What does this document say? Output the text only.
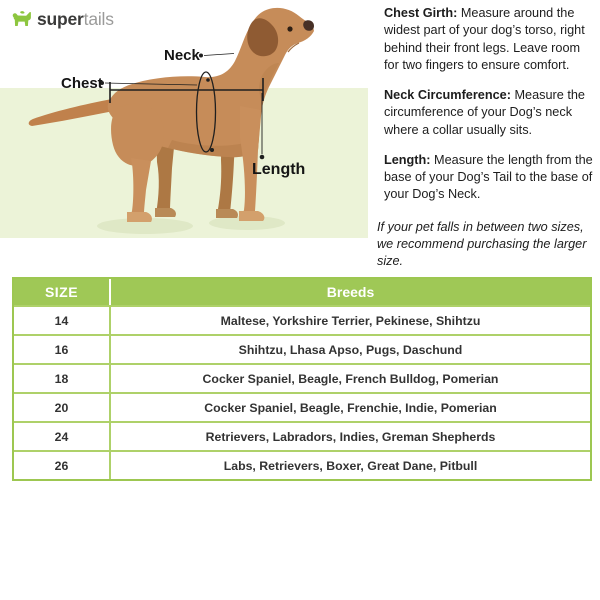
supertails
Neck
Chest
Length

Chest Girth: Measure around the widest part of your dog’s torso, right behind their front legs. Leave room for two fingers to ensure comfort.

Neck Circumference: Measure the circumference of your Dog’s neck where a collar usually sits.

Length: Measure the length from the base of your Dog’s Tail to the base of your Dog’s Neck.

If your pet falls in between two sizes, we recommend purchasing the larger size.

SIZE	Breeds
14	Maltese, Yorkshire Terrier, Pekinese, Shihtzu
16	Shihtzu, Lhasa Apso, Pugs, Daschund
18	Cocker Spaniel, Beagle, French Bulldog, Pomerian
20	Cocker Spaniel, Beagle, Frenchie, Indie, Pomerian
24	Retrievers, Labradors, Indies, Greman Shepherds
26	Labs, Retrievers, Boxer, Great Dane, Pitbull
